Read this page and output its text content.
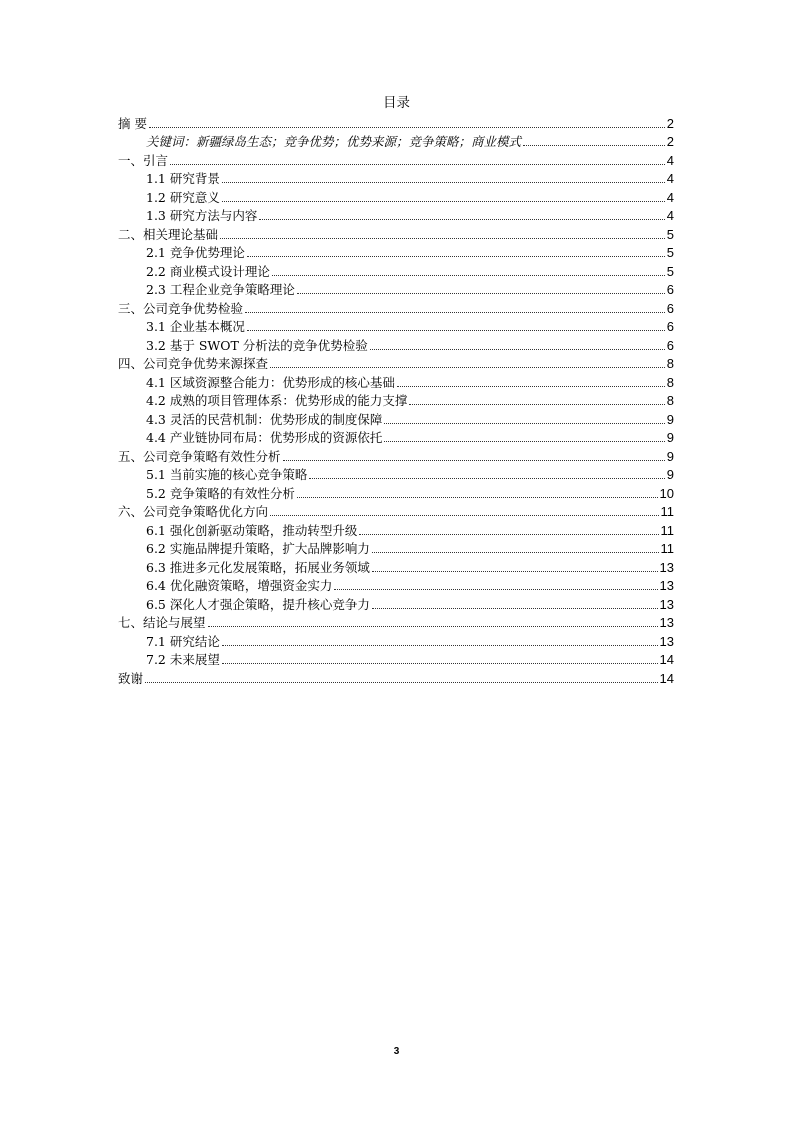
目录
摘 要	2
关键词：新疆绿岛生态；竞争优势；优势来源；竞争策略；商业模式	2
一、引言	4
1.1 研究背景	4
1.2 研究意义	4
1.3 研究方法与内容	4
二、相关理论基础	5
2.1 竞争优势理论	5
2.2 商业模式设计理论	5
2.3 工程企业竞争策略理论	6
三、公司竞争优势检验	6
3.1 企业基本概况	6
3.2 基于 SWOT 分析法的竞争优势检验	6
四、公司竞争优势来源探查	8
4.1 区域资源整合能力：优势形成的核心基础	8
4.2 成熟的项目管理体系：优势形成的能力支撑	8
4.3 灵活的民营机制：优势形成的制度保障	9
4.4 产业链协同布局：优势形成的资源依托	9
五、公司竞争策略有效性分析	9
5.1 当前实施的核心竞争策略	9
5.2 竞争策略的有效性分析	10
六、公司竞争策略优化方向	11
6.1 强化创新驱动策略，推动转型升级	11
6.2 实施品牌提升策略，扩大品牌影响力	11
6.3 推进多元化发展策略，拓展业务领域	13
6.4 优化融资策略，增强资金实力	13
6.5 深化人才强企策略，提升核心竞争力	13
七、结论与展望	13
7.1 研究结论	13
7.2 未来展望	14
致谢	14
3
